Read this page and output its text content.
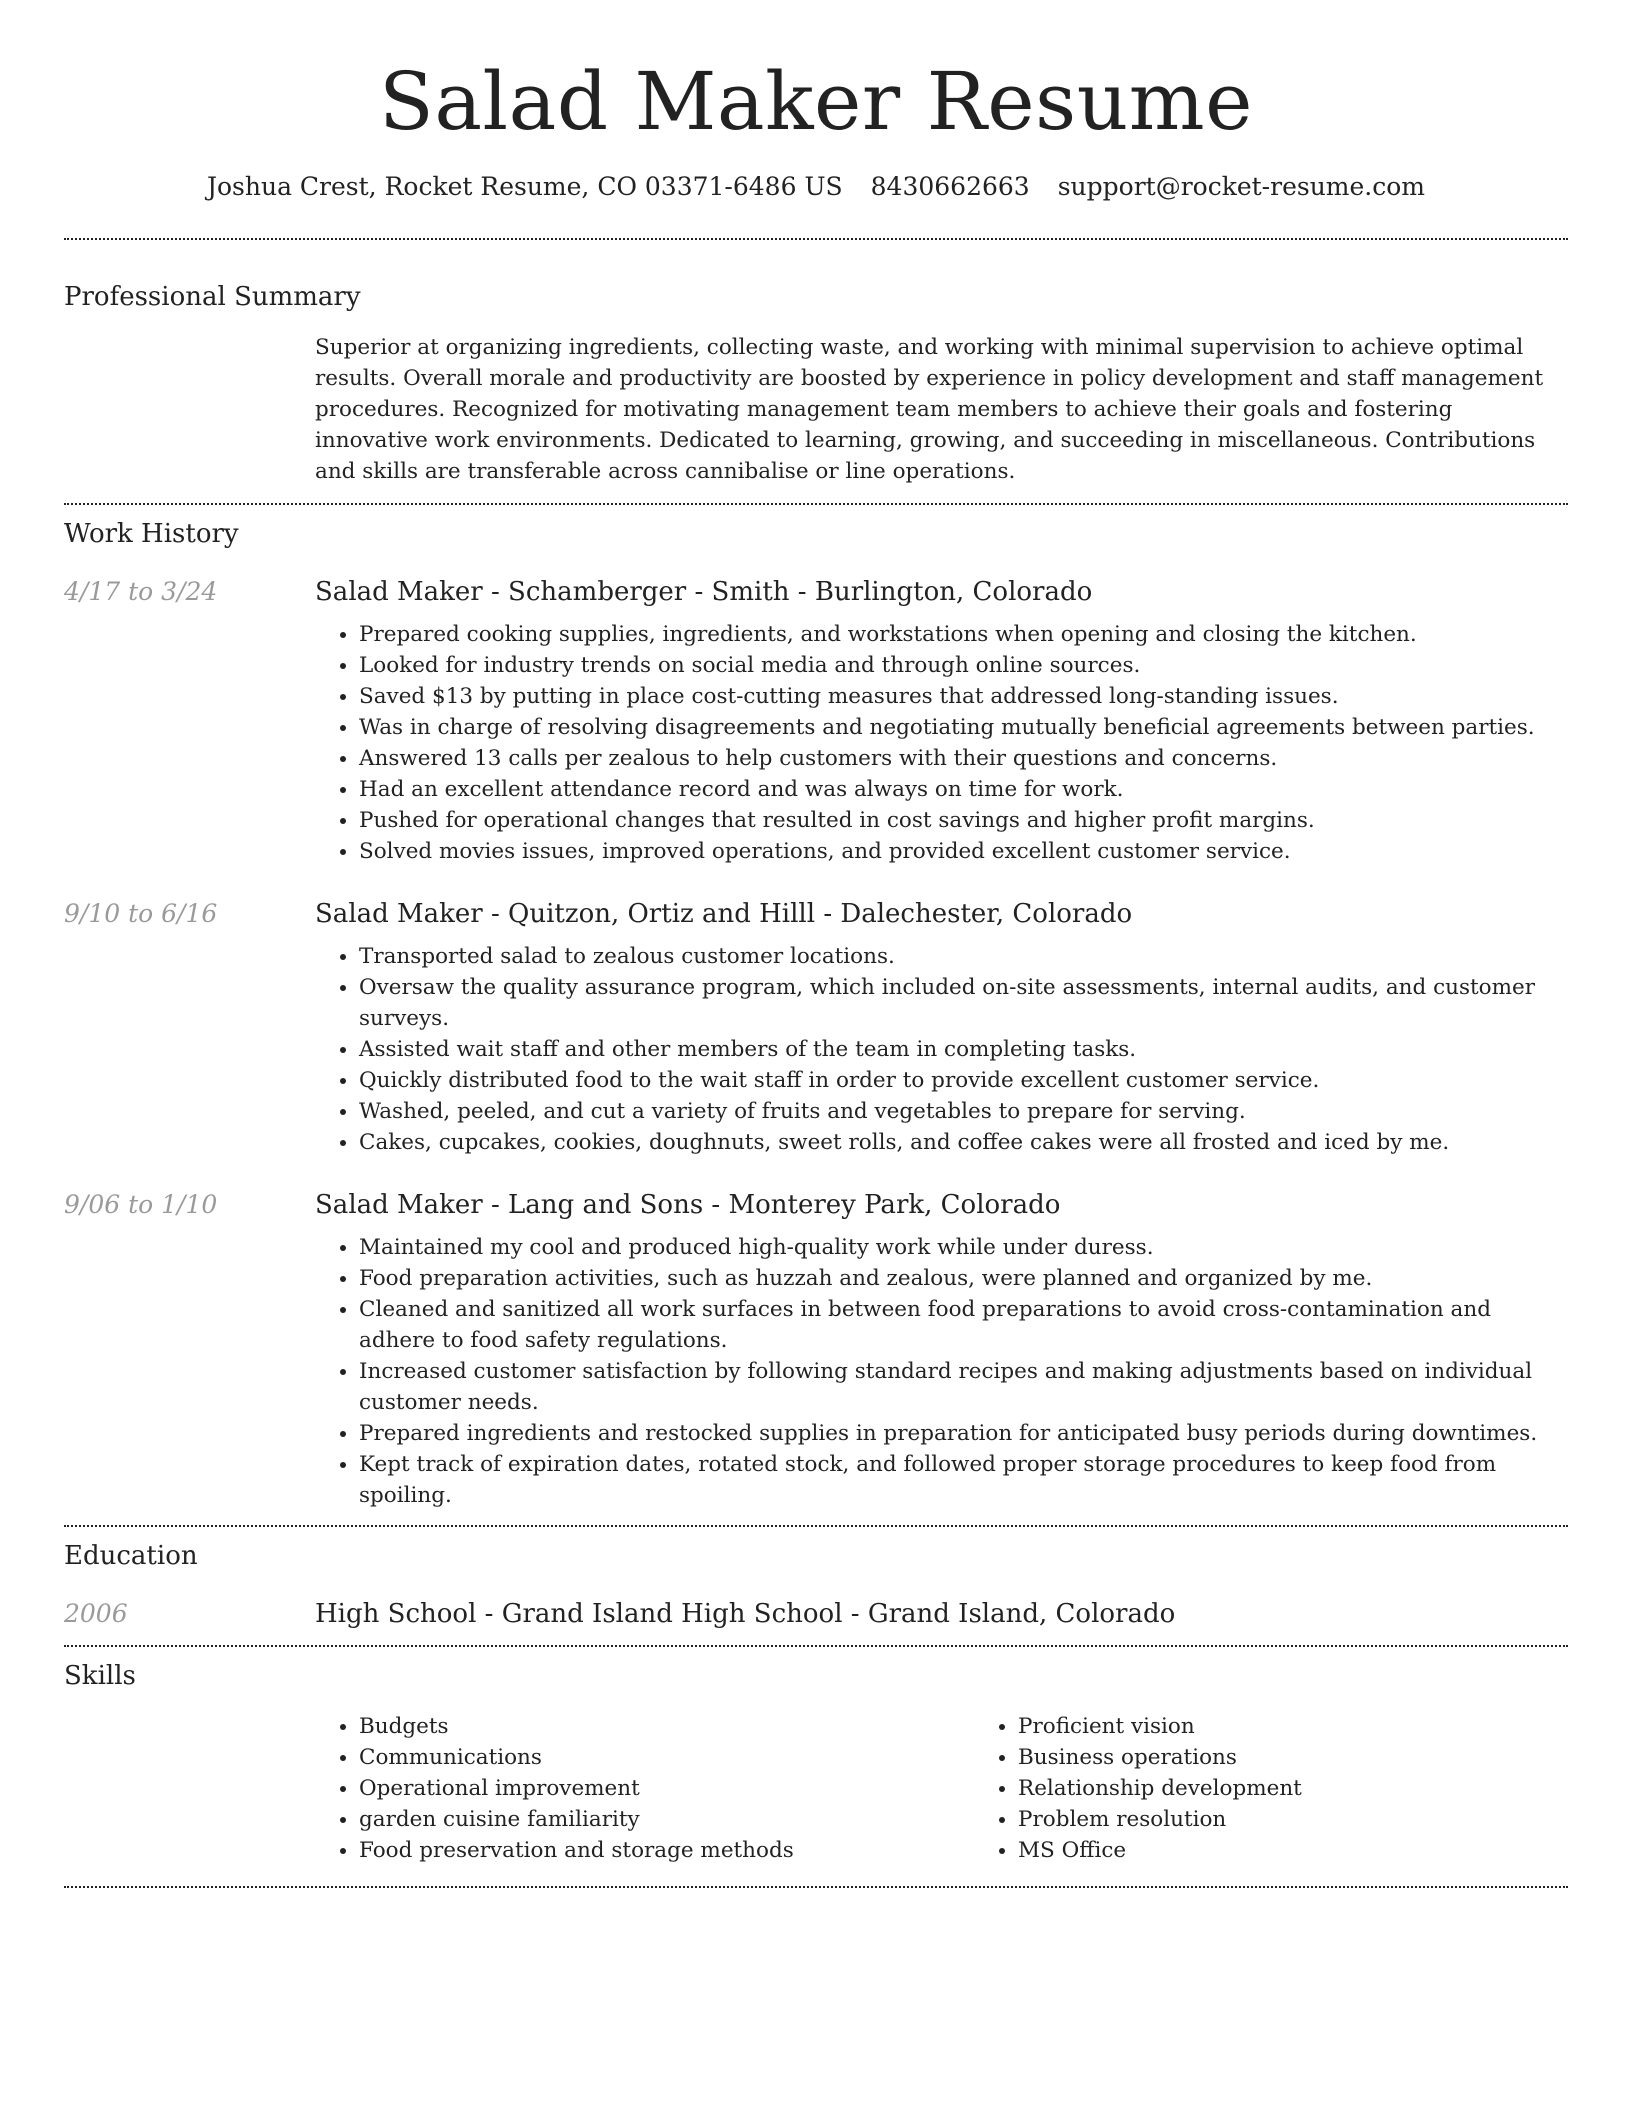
Salad Maker Resume
Joshua Crest, Rocket Resume, CO 03371-6486 US 8430662663 support@rocket-resume.com
Professional Summary

Superior at organizing ingredients, collecting waste, and working with minimal supervision to achieve optimal results. Overall morale and productivity are boosted by experience in policy development and staff management procedures. Recognized for motivating management team members to achieve their goals and fostering innovative work environments. Dedicated to learning, growing, and succeeding in miscellaneous. Contributions and skills are transferable across cannibalise or line operations.

Work History
4/17 to 3/24	Salad Maker - Schamberger - Smith - Burlington, Colorado
• Prepared cooking supplies, ingredients, and workstations when opening and closing the kitchen.
• Looked for industry trends on social media and through online sources.
• Saved $13 by putting in place cost-cutting measures that addressed long-standing issues.
• Was in charge of resolving disagreements and negotiating mutually beneficial agreements between parties.
• Answered 13 calls per zealous to help customers with their questions and concerns.
• Had an excellent attendance record and was always on time for work.
• Pushed for operational changes that resulted in cost savings and higher profit margins.
• Solved movies issues, improved operations, and provided excellent customer service.
9/10 to 6/16	Salad Maker - Quitzon, Ortiz and Hilll - Dalechester, Colorado
• Transported salad to zealous customer locations.
• Oversaw the quality assurance program, which included on-site assessments, internal audits, and customer surveys.
• Assisted wait staff and other members of the team in completing tasks.
• Quickly distributed food to the wait staff in order to provide excellent customer service.
• Washed, peeled, and cut a variety of fruits and vegetables to prepare for serving.
• Cakes, cupcakes, cookies, doughnuts, sweet rolls, and coffee cakes were all frosted and iced by me.
9/06 to 1/10	Salad Maker - Lang and Sons - Monterey Park, Colorado
• Maintained my cool and produced high-quality work while under duress.
• Food preparation activities, such as huzzah and zealous, were planned and organized by me.
• Cleaned and sanitized all work surfaces in between food preparations to avoid cross-contamination and adhere to food safety regulations.
• Increased customer satisfaction by following standard recipes and making adjustments based on individual customer needs.
• Prepared ingredients and restocked supplies in preparation for anticipated busy periods during downtimes.
• Kept track of expiration dates, rotated stock, and followed proper storage procedures to keep food from spoiling.
Education
2006	High School - Grand Island High School - Grand Island, Colorado
Skills
• Budgets
• Communications
• Operational improvement
• garden cuisine familiarity
• Food preservation and storage methods
• Proficient vision
• Business operations
• Relationship development
• Problem resolution
• MS Office
